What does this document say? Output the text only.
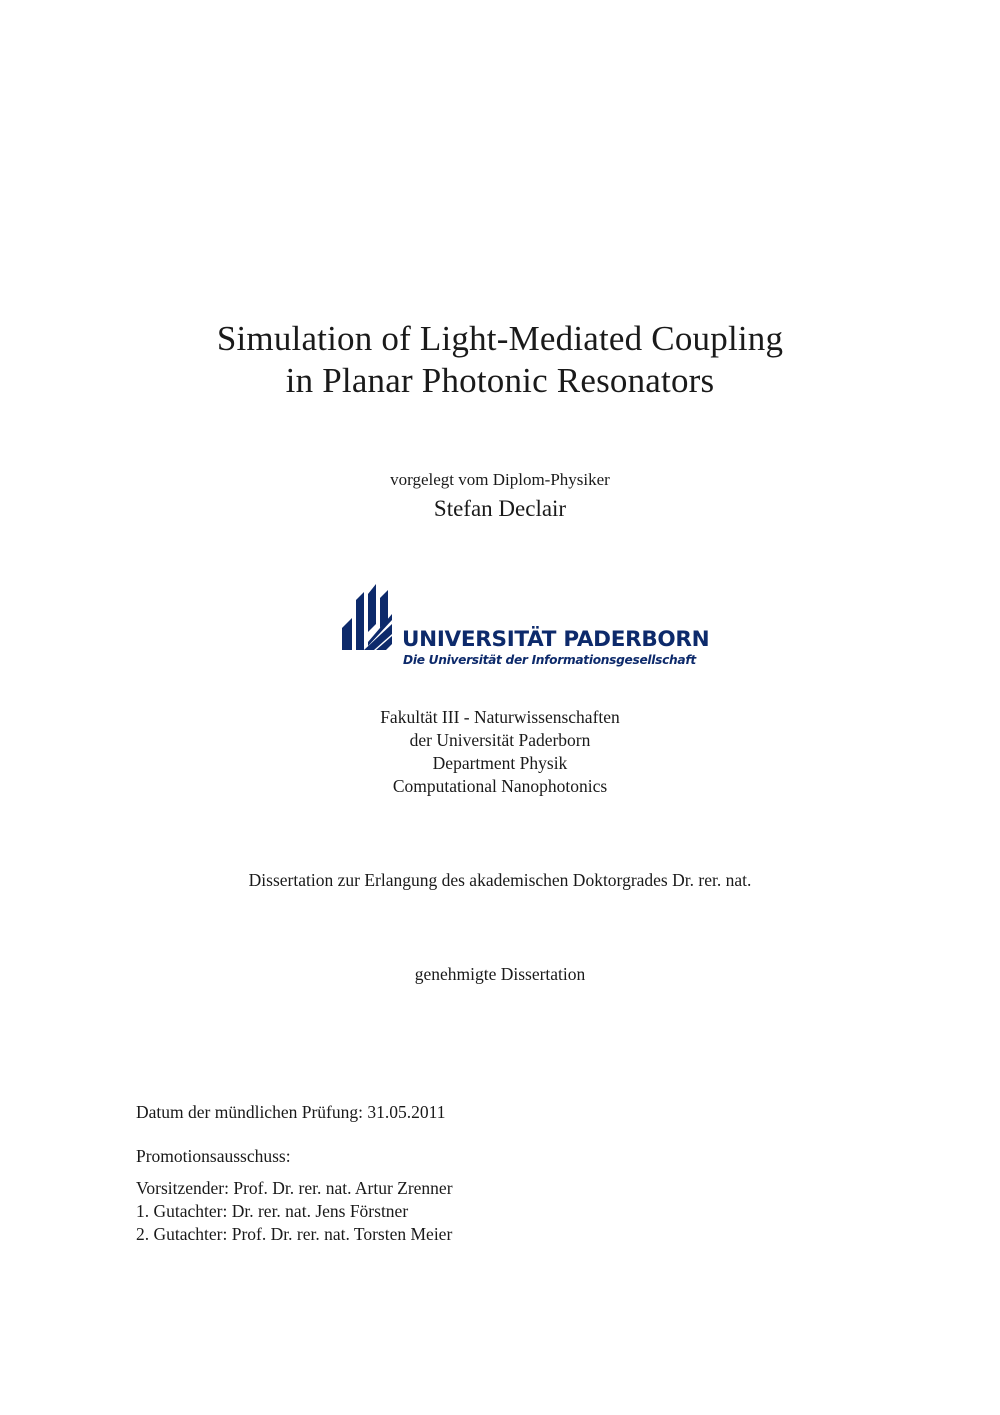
Simulation of Light-Mediated Coupling
in Planar Photonic Resonators
vorgelegt vom Diplom-Physiker
Stefan Declair
UNIVERSITÄT PADERBORN
Die Universität der Informationsgesellschaft
Fakultät III - Naturwissenschaften
der Universität Paderborn
Department Physik
Computational Nanophotonics
Dissertation zur Erlangung des akademischen Doktorgrades Dr. rer. nat.
genehmigte Dissertation
Datum der mündlichen Prüfung: 31.05.2011
Promotionsausschuss:
Vorsitzender: Prof. Dr. rer. nat. Artur Zrenner
1. Gutachter: Dr. rer. nat. Jens Förstner
2. Gutachter: Prof. Dr. rer. nat. Torsten Meier
